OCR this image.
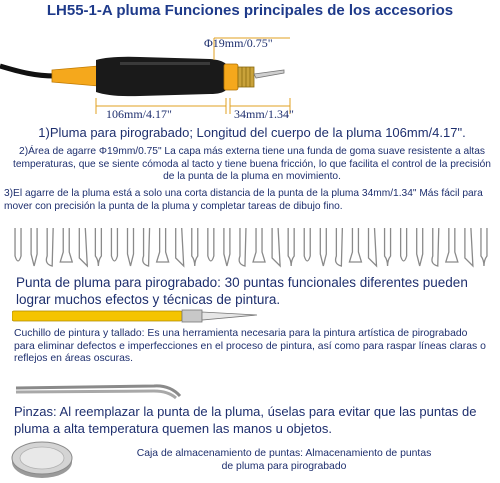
LH55-1-A pluma Funciones principales de los accesorios
Φ19mm/0.75"
106mm/4.17"	34mm/1.34"
1)Pluma para pirograbado; Longitud del cuerpo de la pluma 106mm/4.17".
2)Área de agarre Φ19mm/0.75" La capa más externa tiene una funda de goma suave resistente a altas temperaturas, que se siente cómoda al tacto y tiene buena fricción, lo que facilita el control de la precisión de la punta de la pluma en movimiento.
3)El agarre de la pluma está a solo una corta distancia de la punta de la pluma 34mm/1.34" Más fácil para mover con precisión la punta de la pluma y completar tareas de dibujo fino.
Punta de pluma para pirograbado: 30 puntas funcionales diferentes pueden lograr muchos efectos y técnicas de pintura.
Cuchillo de pintura y tallado: Es una herramienta necesaria para la pintura artística de pirograbado para eliminar defectos e imperfecciones en el proceso de pintura, así como para raspar líneas claras o reflejos en áreas oscuras.
Pinzas: Al reemplazar la punta de la pluma, úselas para evitar que las puntas de pluma a alta temperatura quemen las manos u objetos.
Caja de almacenamiento de puntas: Almacenamiento de puntas de pluma para pirograbado
